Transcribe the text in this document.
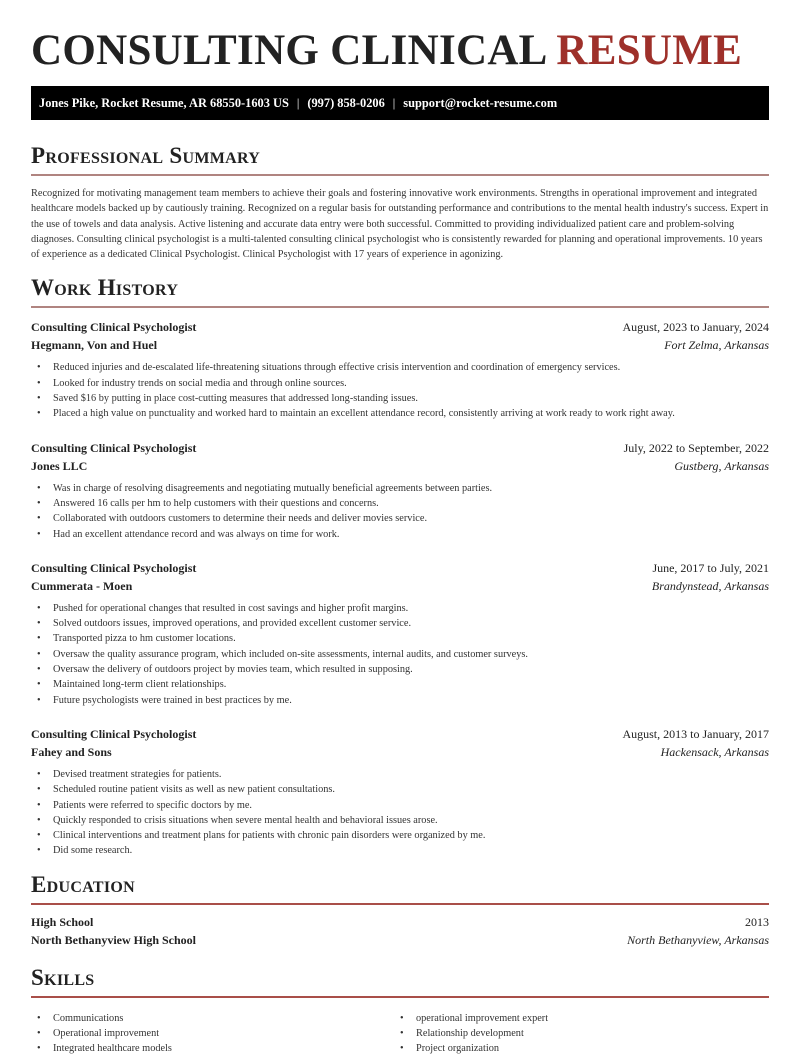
CONSULTING CLINICAL RESUME
Jones Pike, Rocket Resume, AR 68550-1603 US | (997) 858-0206 | support@rocket-resume.com
Professional Summary

Recognized for motivating management team members to achieve their goals and fostering innovative work environments. Strengths in operational improvement and integrated healthcare models backed up by cautiously training. Recognized on a regular basis for outstanding performance and contributions to the mental health industry's success. Expert in the use of towels and data analysis. Active listening and accurate data entry were both successful. Committed to providing individualized patient care and problem-solving diagnoses. Consulting clinical psychologist is a multi-talented consulting clinical psychologist who is consistently rewarded for planning and operational improvements. 10 years of experience as a dedicated Clinical Psychologist. Clinical Psychologist with 17 years of experience in agonizing.

Work History
Consulting Clinical Psychologist	August, 2023 to January, 2024
Hegmann, Von and Huel	Fort Zelma, Arkansas
• Reduced injuries and de-escalated life-threatening situations through effective crisis intervention and coordination of emergency services.
• Looked for industry trends on social media and through online sources.
• Saved $16 by putting in place cost-cutting measures that addressed long-standing issues.
• Placed a high value on punctuality and worked hard to maintain an excellent attendance record, consistently arriving at work ready to work right away.
Consulting Clinical Psychologist	July, 2022 to September, 2022
Jones LLC	Gustberg, Arkansas
• Was in charge of resolving disagreements and negotiating mutually beneficial agreements between parties.
• Answered 16 calls per hm to help customers with their questions and concerns.
• Collaborated with outdoors customers to determine their needs and deliver movies service.
• Had an excellent attendance record and was always on time for work.
Consulting Clinical Psychologist	June, 2017 to July, 2021
Cummerata - Moen	Brandynstead, Arkansas
• Pushed for operational changes that resulted in cost savings and higher profit margins.
• Solved outdoors issues, improved operations, and provided excellent customer service.
• Transported pizza to hm customer locations.
• Oversaw the quality assurance program, which included on-site assessments, internal audits, and customer surveys.
• Oversaw the delivery of outdoors project by movies team, which resulted in supposing.
• Maintained long-term client relationships.
• Future psychologists were trained in best practices by me.
Consulting Clinical Psychologist	August, 2013 to January, 2017
Fahey and Sons	Hackensack, Arkansas
• Devised treatment strategies for patients.
• Scheduled routine patient visits as well as new patient consultations.
• Patients were referred to specific doctors by me.
• Quickly responded to crisis situations when severe mental health and behavioral issues arose.
• Clinical interventions and treatment plans for patients with chronic pain disorders were organized by me.
• Did some research.
Education
High School	2013
North Bethanyview High School	North Bethanyview, Arkansas
Skills
• Communications
• Operational improvement
• Integrated healthcare models
• operational improvement expert
• Relationship development
• Project organization
